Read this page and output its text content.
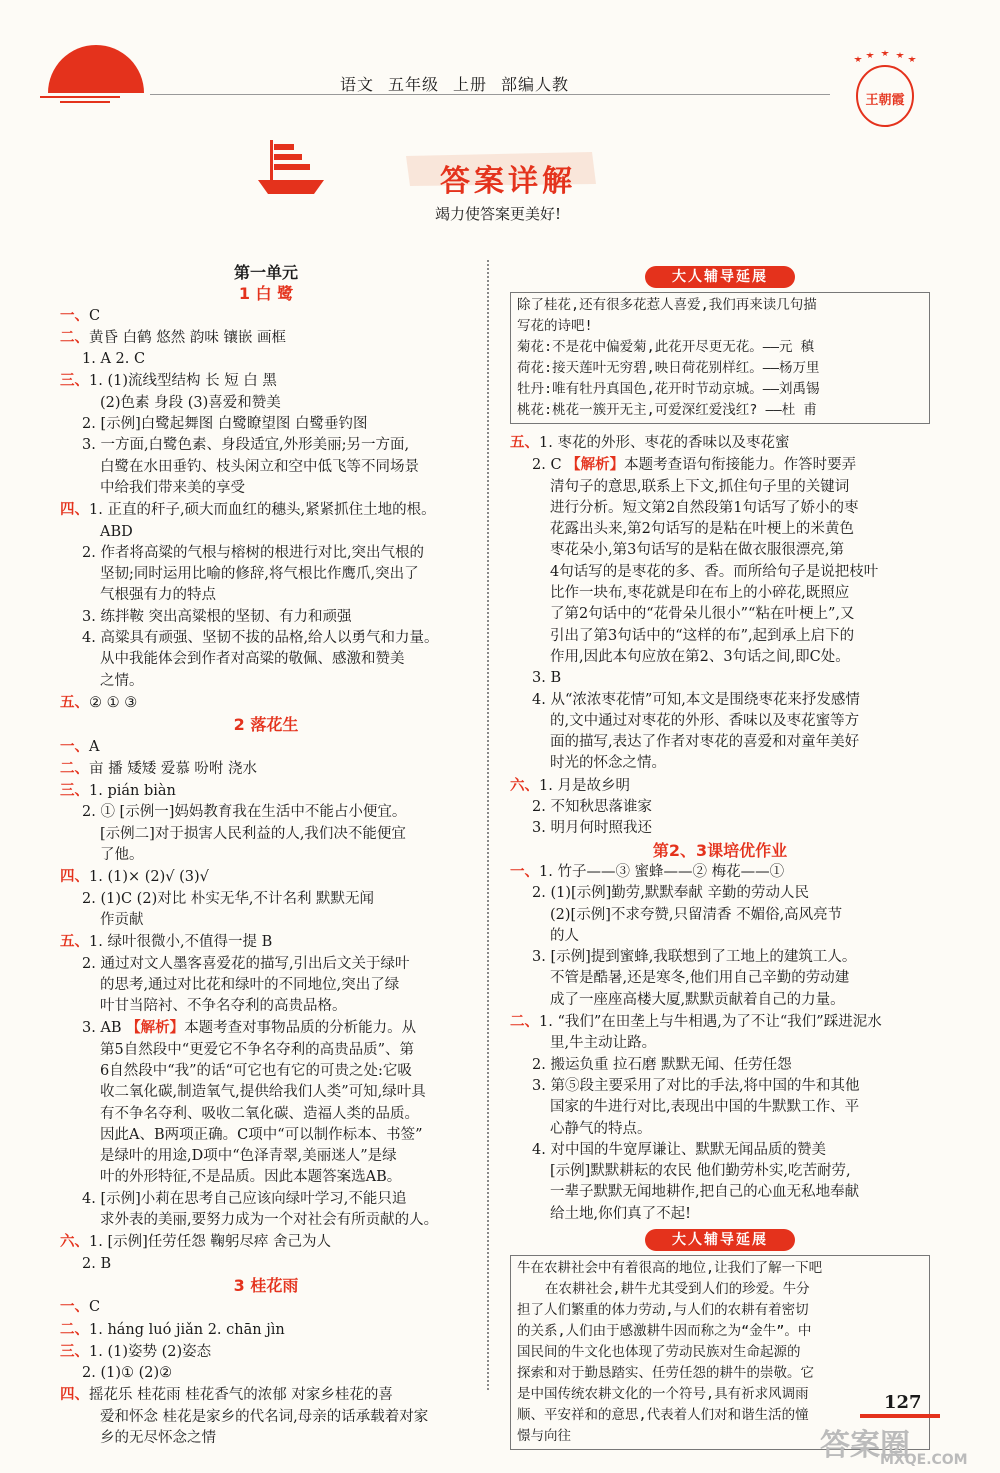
语文 五年级 上册 部编人教
王朝霞
答案详解
竭力使答案更美好!
第一单元
1 白 鹭
一、C
二、黄昏 白鹤 悠然 韵味 镶嵌 画框
1. A 2. C
三、1. (1)流线型结构 长 短 白 黑
(2)色素 身段 (3)喜爱和赞美
2. [示例]白鹭起舞图 白鹭瞭望图 白鹭垂钓图
3. 一方面,白鹭色素、身段适宜,外形美丽;另一方面,
白鹭在水田垂钓、枝头闲立和空中低飞等不同场景
中给我们带来美的享受
四、1. 正直的秆子,硕大而血红的穗头,紧紧抓住土地的根。
ABD
2. 作者将高粱的气根与榕树的根进行对比,突出气根的
坚韧;同时运用比喻的修辞,将气根比作鹰爪,突出了
气根强有力的特点
3. 练拌鞍 突出高粱根的坚韧、有力和顽强
4. 高粱具有顽强、坚韧不拔的品格,给人以勇气和力量。
从中我能体会到作者对高粱的敬佩、感激和赞美
之情。
五、② ① ③
2 落花生
一、A
二、亩 播 矮矮 爱慕 吩咐 浇水
三、1. pián biàn
2. ① [示例一]妈妈教育我在生活中不能占小便宜。
[示例二]对于损害人民利益的人,我们决不能便宜
了他。
四、1. (1)× (2)√ (3)√
2. (1)C (2)对比 朴实无华,不计名利 默默无闻
作贡献
五、1. 绿叶很微小,不值得一提 B
2. 通过对文人墨客喜爱花的描写,引出后文关于绿叶
的思考,通过对比花和绿叶的不同地位,突出了绿
叶甘当陪衬、不争名夺利的高贵品格。
3. AB 【解析】本题考查对事物品质的分析能力。从
第5自然段中“更爱它不争名夺利的高贵品质”、第
6自然段中“我”的话“可它也有它的可贵之处:它吸
收二氧化碳,制造氧气,提供给我们人类”可知,绿叶具
有不争名夺利、吸收二氧化碳、造福人类的品质。
因此A、B两项正确。C项中“可以制作标本、书签”
是绿叶的用途,D项中“色泽青翠,美丽迷人”是绿
叶的外形特征,不是品质。因此本题答案选AB。
4. [示例]小莉在思考自己应该向绿叶学习,不能只追
求外表的美丽,要努力成为一个对社会有所贡献的人。
六、1. [示例]任劳任怨 鞠躬尽瘁 舍己为人
2. B
3 桂花雨
一、C
二、1. háng luó jiǎn 2. chān jìn
三、1. (1)姿势 (2)姿态
2. (1)① (2)②
四、摇花乐 桂花雨 桂花香气的浓郁 对家乡桂花的喜
爱和怀念 桂花是家乡的代名词,母亲的话承载着对家
乡的无尽怀念之情
大人辅导延展
除了桂花,还有很多花惹人喜爱,我们再来读几句描
写花的诗吧!
菊花:不是花中偏爱菊,此花开尽更无花。——元 稹
荷花:接天莲叶无穷碧,映日荷花别样红。——杨万里
牡丹:唯有牡丹真国色,花开时节动京城。——刘禹锡
桃花:桃花一簇开无主,可爱深红爱浅红? ——杜 甫
五、1. 枣花的外形、枣花的香味以及枣花蜜
2. C 【解析】本题考查语句衔接能力。作答时要弄
清句子的意思,联系上下文,抓住句子里的关键词
进行分析。短文第2自然段第1句话写了娇小的枣
花露出头来,第2句话写的是粘在叶梗上的米黄色
枣花朵小,第3句话写的是粘在做衣服很漂亮,第
4句话写的是枣花的多、香。而所给句子是说把枝叶
比作一块布,枣花就是印在布上的小碎花,既照应
了第2句话中的“花骨朵儿很小”“粘在叶梗上”,又
引出了第3句话中的“这样的布”,起到承上启下的
作用,因此本句应放在第2、3句话之间,即C处。
3. B
4. 从“浓浓枣花情”可知,本文是围绕枣花来抒发感情
的,文中通过对枣花的外形、香味以及枣花蜜等方
面的描写,表达了作者对枣花的喜爱和对童年美好
时光的怀念之情。
六、1. 月是故乡明
2. 不知秋思落谁家
3. 明月何时照我还
第2、3课培优作业
一、1. 竹子——③ 蜜蜂——② 梅花——①
2. (1)[示例]勤劳,默默奉献 辛勤的劳动人民
(2)[示例]不求夸赞,只留清香 不媚俗,高风亮节
的人
3. [示例]提到蜜蜂,我联想到了工地上的建筑工人。
不管是酷暑,还是寒冬,他们用自己辛勤的劳动建
成了一座座高楼大厦,默默贡献着自己的力量。
二、1. “我们”在田垄上与牛相遇,为了不让“我们”踩进泥水
里,牛主动让路。
2. 搬运负重 拉石磨 默默无闻、任劳任怨
3. 第⑤段主要采用了对比的手法,将中国的牛和其他
国家的牛进行对比,表现出中国的牛默默工作、平
心静气的特点。
4. 对中国的牛宽厚谦让、默默无闻品质的赞美
[示例]默默耕耘的农民 他们勤劳朴实,吃苦耐劳,
一辈子默默无闻地耕作,把自己的心血无私地奉献
给土地,你们真了不起!
大人辅导延展
牛在农耕社会中有着很高的地位,让我们了解一下吧
在农耕社会,耕牛尤其受到人们的珍爱。牛分
担了人们繁重的体力劳动,与人们的农耕有着密切
的关系,人们由于感激耕牛因而称之为“金牛”。中
国民间的牛文化也体现了劳动民族对生命起源的
探索和对于勤恳踏实、任劳任怨的耕牛的崇敬。它
是中国传统农耕文化的一个符号,具有祈求风调雨
顺、平安祥和的意思,代表着人们对和谐生活的憧
憬与向往
127
答案圈
MXQE.COM
